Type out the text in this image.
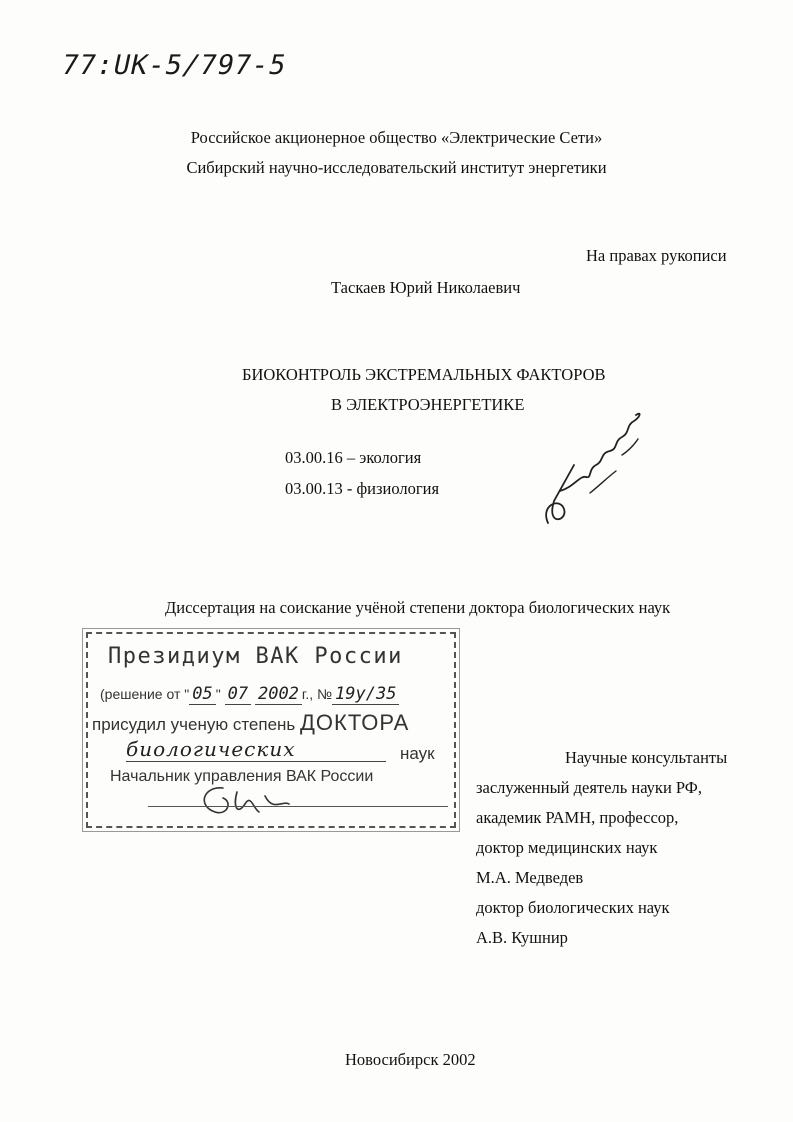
77:UK-5/797-5
Российское акционерное общество «Электрические Сети»
Сибирский научно-исследовательский институт энергетики
На правах рукописи
Таскаев Юрий Николаевич
БИОКОНТРОЛЬ ЭКСТРЕМАЛЬНЫХ ФАКТОРОВ
В ЭЛЕКТРОЭНЕРГЕТИКЕ
03.00.16 – экология
03.00.13 - физиология
Диссертация на соискание учёной степени доктора биологических наук
Президиум ВАК России
(решение от " 05 " 07 2002 г., № 19у/35
присудил ученую степень ДОКТОРА
биологических	наук
Начальник управления ВАК России
Научные консультанты
заслуженный деятель науки РФ,
академик РАМН, профессор,
доктор медицинских наук
М.А. Медведев
доктор биологических наук
А.В. Кушнир
Новосибирск 2002
